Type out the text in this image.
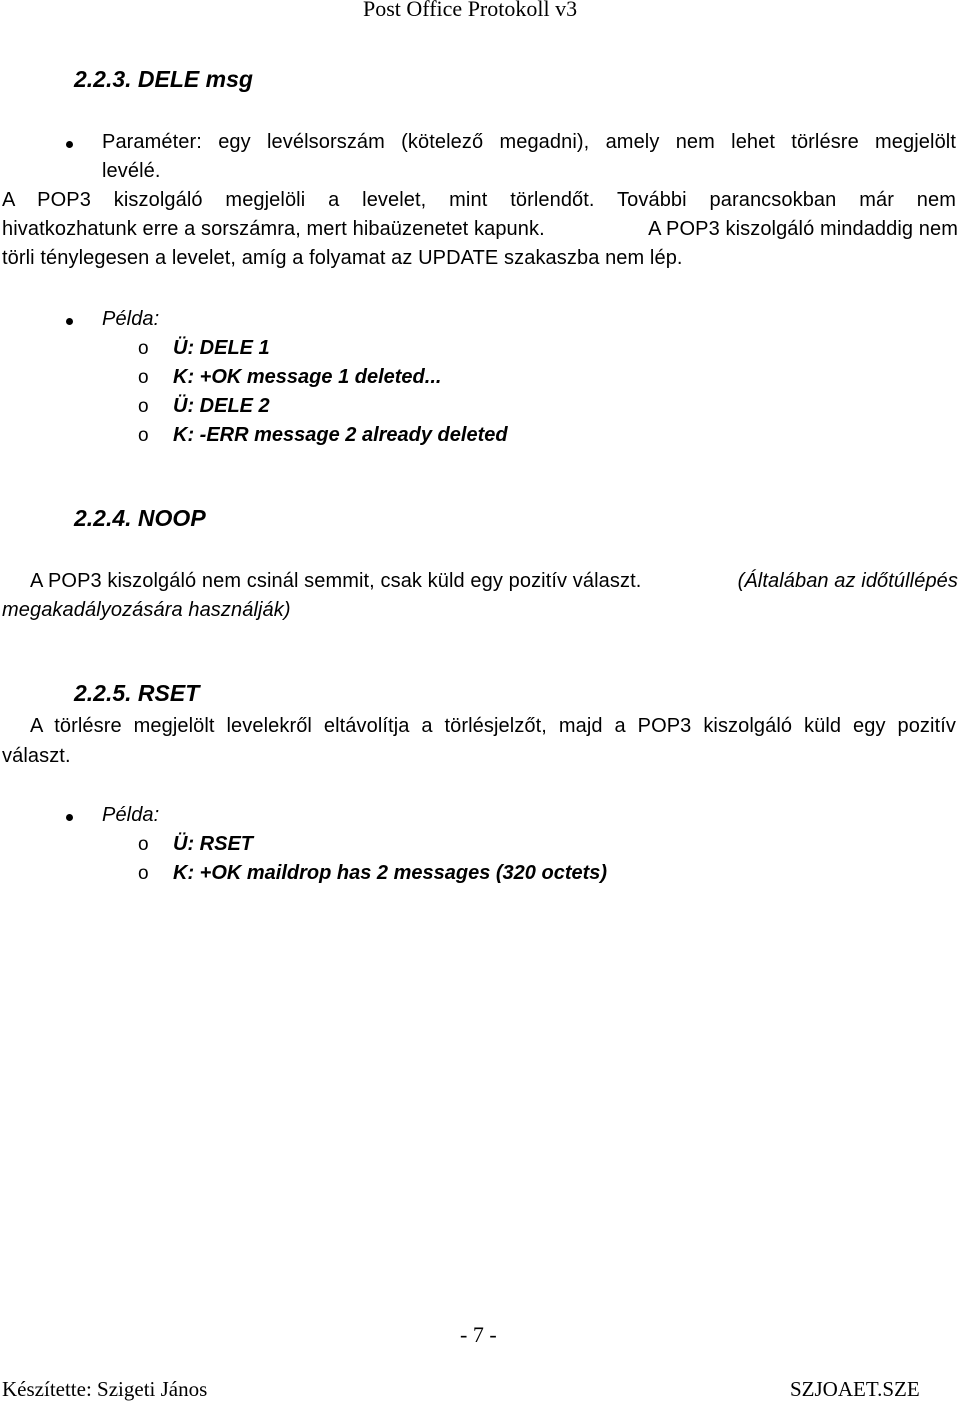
Post Office Protokoll v3
2.2.3. DELE msg
Paraméter: egy levélsorszám (kötelező megadni), amely nem lehet törlésre megjelölt
levélé.
A POP3 kiszolgáló megjelöli a levelet, mint törlendőt. További parancsokban már nem
hivatkozhatunk erre a sorszámra, mert hibaüzenetet kapunk.	A POP3 kiszolgáló mindaddig nem
törli ténylegesen a levelet, amíg a folyamat az UPDATE szakaszba nem lép.
Példa:
o Ü: DELE 1
o K: +OK message 1 deleted...
o Ü: DELE 2
o K: -ERR message 2 already deleted
2.2.4. NOOP
A POP3 kiszolgáló nem csinál semmit, csak küld egy pozitív választ.	(Általában az időtúllépés
megakadályozására használják)
2.2.5. RSET
A törlésre megjelölt levelekről eltávolítja a törlésjelzőt, majd a POP3 kiszolgáló küld egy pozitív
választ.
Példa:
o Ü: RSET
o K: +OK maildrop has 2 messages (320 octets)
- 7 -
Készítette: Szigeti János	SZJOAET.SZE
